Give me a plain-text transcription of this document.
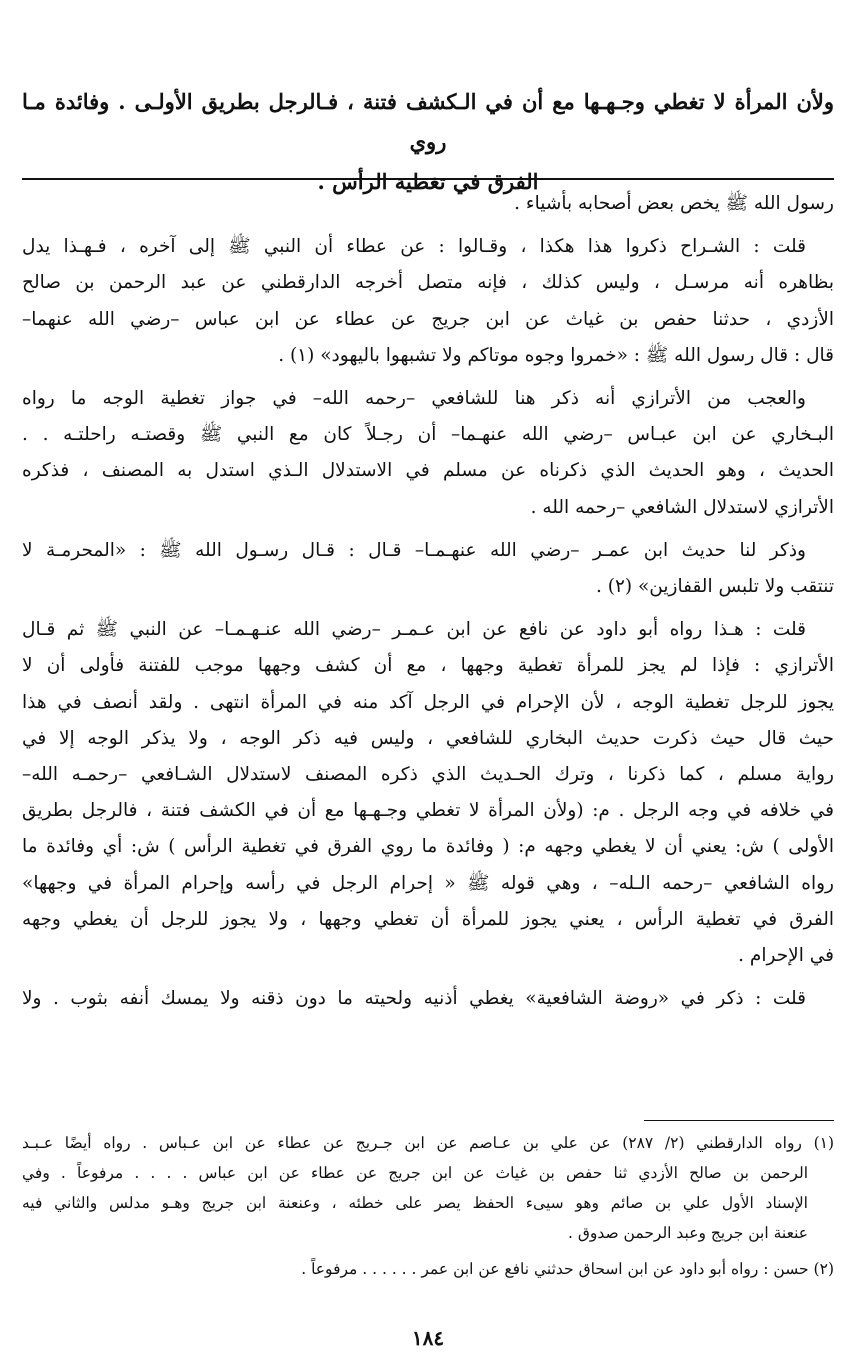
ولأن المرأة لا تغطي وجـهـها مع أن في الـكشف فتنة ، فـالرجل بطريق الأولـى . وفائدة مـا روي
الفرق في تغطية الرأس .

رسول الله ﷺ يخص بعض أصحابه بأشياء .

قلت : الشـراح ذكروا هذا هكذا ، وقـالوا : عن عطاء أن النبي ﷺ إلى آخره ، فـهـذا يدل
بظاهره أنه مرسـل ، وليس كذلك ، فإنه متصل أخرجه الدارقطني عن عبد الرحمن بن صالح
الأزدي ، حدثنا حفص بن غياث عن ابن جريج عن عطاء عن ابن عباس –رضي الله عنهما–
قال : قال رسول الله ﷺ : «خمروا وجوه موتاكم ولا تشبهوا باليهود» (١) .

والعجب من الأترازي أنه ذكر هنا للشافعي –رحمه الله– في جواز تغطية الوجه ما رواه
البـخاري عن ابن عبـاس –رضي الله عنهـما– أن رجـلاً كان مع النبي ﷺ وقصتـه راحلتـه . .
الحديث ، وهو الحديث الذي ذكرناه عن مسلم في الاستدلال الـذي استدل به المصنف ، فذكره
الأترازي لاستدلال الشافعي –رحمه الله .

وذكر لنا حديث ابن عمـر –رضي الله عنهـمـا– قـال : قـال رسـول الله ﷺ : «المحرمـة لا
تنتقب ولا تلبس القفازين» (٢) .

قلت : هـذا رواه أبو داود عن نافع عن ابن عـمـر –رضي الله عنـهـمـا– عن النبي ﷺ ثم قـال
الأترازي : فإذا لم يجز للمرأة تغطية وجهها ، مع أن كشف وجهها موجب للفتنة فأولى أن لا
يجوز للرجل تغطية الوجه ، لأن الإحرام في الرجل آكد منه في المرأة انتهى . ولقد أنصف في هذا
حيث قال حيث ذكرت حديث البخاري للشافعي ، وليس فيه ذكر الوجه ، ولا يذكر الوجه إلا في
رواية مسلم ، كما ذكرنا ، وترك الحـديث الذي ذكره المصنف لاستدلال الشـافعي –رحمـه الله–
في خلافه في وجه الرجل . م: (ولأن المرأة لا تغطي وجـهـها مع أن في الكشف فتنة ، فالرجل بطريق
الأولى ) ش: يعني أن لا يغطي وجهه م: ( وفائدة ما روي الفرق في تغطية الرأس ) ش: أي وفائدة ما
رواه الشافعي –رحمه الـله– ، وهي قوله ﷺ « إحرام الرجل في رأسه وإحرام المرأة في وجهها»
الفرق في تغطية الرأس ، يعني يجوز للمرأة أن تغطي وجهها ، ولا يجوز للرجل أن يغطي وجهه
في الإحرام .

قلت : ذكر في «روضة الشافعية» يغطي أذنيه ولحيته ما دون ذقنه ولا يمسك أنفه بثوب . ولا

(١) رواه الدارقطني (٢/ ٢٨٧) عن علي بن عـاصم عن ابن جـريج عن عطاء عن ابن عـباس . رواه أيضًا عـبـد
الرحمن بن صالح الأزدي ثنا حفص بن غياث عن ابن جريج عن عطاء عن ابن عباس . . . . مرفوعاً . وفي
الإسناد الأول علي بن صائم وهو سيىء الحفظ يصر على خطئه ، وعنعنة ابن جريج وهـو مدلس والثاني فيه
عنعنة ابن جريج وعبد الرحمن صدوق .
(٢) حسن : رواه أبو داود عن ابن اسحاق حدثني نافع عن ابن عمر . . . . . . مرفوعاً .
١٨٤
